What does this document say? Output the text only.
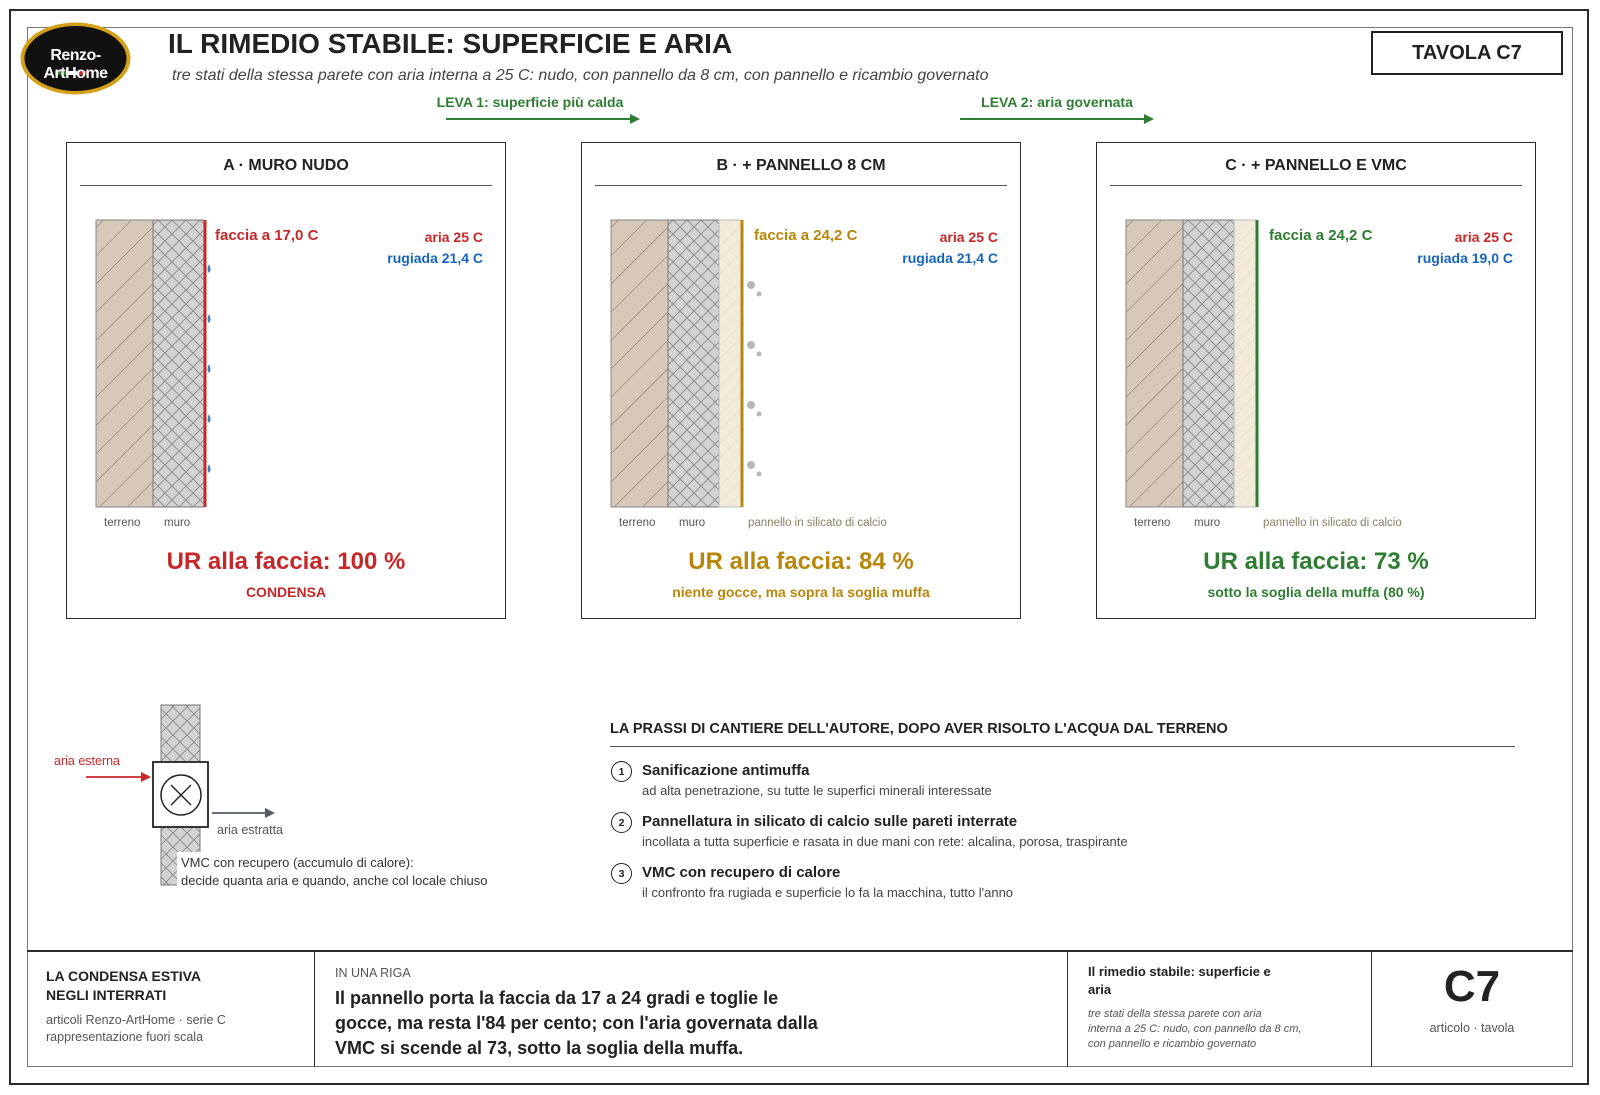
Renzo-ArtHome
IL RIMEDIO STABILE: SUPERFICIE E ARIA
tre stati della stessa parete con aria interna a 25 C: nudo, con pannello da 8 cm, con pannello e ricambio governato
TAVOLA C7
LEVA 1: superficie più calda	LEVA 2: aria governata
A · MURO NUDO
faccia a 17,0 C	aria 25 C
rugiada 21,4 C
terreno muro
UR alla faccia: 100 %
CONDENSA
B · + PANNELLO 8 CM
faccia a 24,2 C	aria 25 C
rugiada 21,4 C
terreno muro	pannello in silicato di calcio
UR alla faccia: 84 %
niente gocce, ma sopra la soglia muffa
C · + PANNELLO E VMC
faccia a 24,2 C	aria 25 C
rugiada 19,0 C
terreno muro	pannello in silicato di calcio
UR alla faccia: 73 %
sotto la soglia della muffa (80 %)
aria esterna
aria estratta
VMC con recupero (accumulo di calore):
decide quanta aria e quando, anche col locale chiuso
LA PRASSI DI CANTIERE DELL'AUTORE, DOPO AVER RISOLTO L'ACQUA DAL TERRENO
1	Sanificazione antimuffa
ad alta penetrazione, su tutte le superfici minerali interessate
2	Pannellatura in silicato di calcio sulle pareti interrate
incollata a tutta superficie e rasata in due mani con rete: alcalina, porosa, traspirante
3	VMC con recupero di calore
il confronto fra rugiada e superficie lo fa la macchina, tutto l'anno
LA CONDENSA ESTIVA
NEGLI INTERRATI
articoli Renzo-ArtHome · serie C
rappresentazione fuori scala
IN UNA RIGA
Il pannello porta la faccia da 17 a 24 gradi e toglie le
gocce, ma resta l'84 per cento; con l'aria governata dalla
VMC si scende al 73, sotto la soglia della muffa.
Il rimedio stabile: superficie e
aria
tre stati della stessa parete con aria
interna a 25 C: nudo, con pannello da 8 cm,
con pannello e ricambio governato
C7
articolo · tavola
